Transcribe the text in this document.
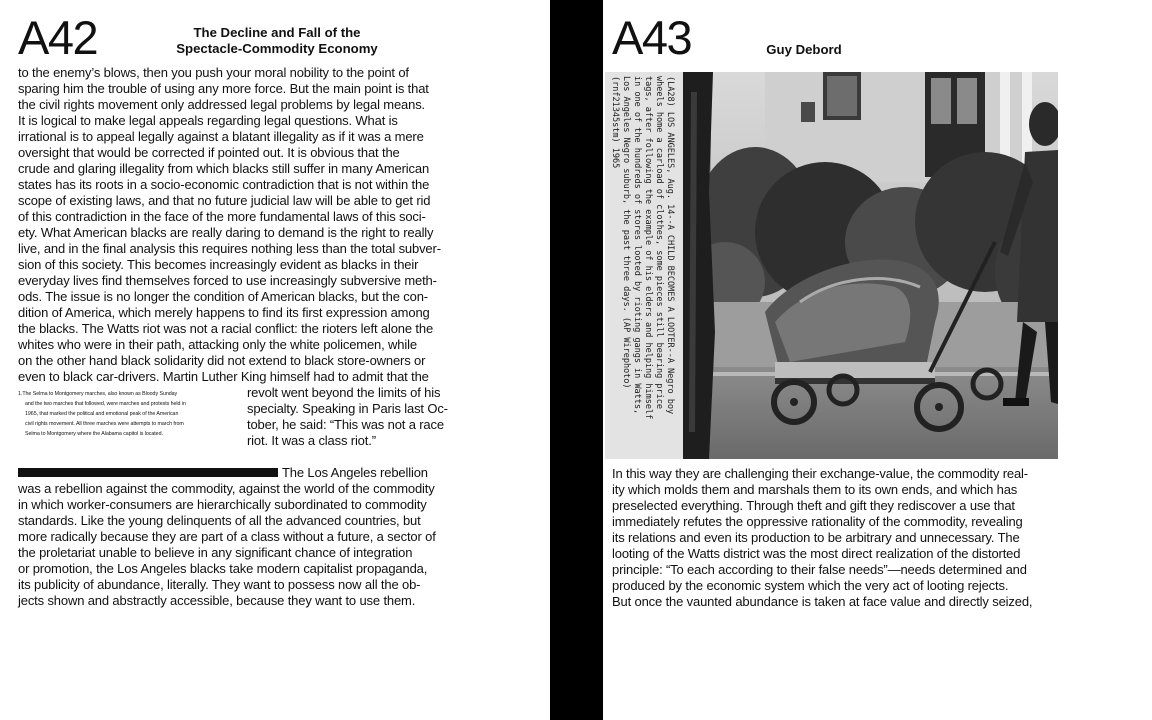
A42	The Decline and Fall of the
Spectacle-Commodity Economy
to the enemy’s blows, then you push your moral nobility to the point of
sparing him the trouble of using any more force. But the main point is that
the civil rights movement only addressed legal problems by legal means.
It is logical to make legal appeals regarding legal questions. What is
irrational is to appeal legally against a blatant illegality as if it was a mere
oversight that would be corrected if pointed out. It is obvious that the
crude and glaring illegality from which blacks still suffer in many American
states has its roots in a socio-economic contradiction that is not within the
scope of existing laws, and that no future judicial law will be able to get rid
of this contradiction in the face of the more fundamental laws of this soci-
ety. What American blacks are really daring to demand is the right to really
live, and in the final analysis this requires nothing less than the total subver-
sion of this society. This becomes increasingly evident as blacks in their
everyday lives find themselves forced to use increasingly subversive meth-
ods. The issue is no longer the condition of American blacks, but the con-
dition of America, which merely happens to find its first expression among
the blacks. The Watts riot was not a racial conflict: the rioters left alone the
whites who were in their path, attacking only the white policemen, while
on the other hand black solidarity did not extend to black store-owners or
even to black car-drivers. Martin Luther King himself had to admit that the
1.The Selma to Montgomery marches, also known as Bloody Sunday
and the two marches that followed, were marches and protests held in
1965, that marked the political and emotional peak of the American
civil rights movement. All three marches were attempts to march from
Selma to Montgomery where the Alabama capitol is located.
revolt went beyond the limits of his
specialty. Speaking in Paris last Oc-
tober, he said: “This was not a race
riot. It was a class riot.”
The Los Angeles rebellion
was a rebellion against the commodity, against the world of the commodity
in which worker-consumers are hierarchically subordinated to commodity
standards. Like the young delinquents of all the advanced countries, but
more radically because they are part of a class without a future, a sector of
the proletariat unable to believe in any significant chance of integration
or promotion, the Los Angeles blacks take modern capitalist propaganda,
its publicity of abundance, literally. They want to possess now all the ob-
jects shown and abstractly accessible, because they want to use them.
A43	Guy Debord
(LA28) LOS ANGELES, Aug. 14--A CHILD BECOMES A LOOTER--A Negro boy
wheels home a carload of clothes, some pieces still bearing price
tags, after following the example of his elders and helping himself
in one of the hundreds of stores looted by rioting gangs in Watts,
Los Angeles Negro suburb, the past three days. (AP Wirephoto)
(rnf21345stm) 1965
In this way they are challenging their exchange-value, the commodity real-
ity which molds them and marshals them to its own ends, and which has
preselected everything. Through theft and gift they rediscover a use that
immediately refutes the oppressive rationality of the commodity, revealing
its relations and even its production to be arbitrary and unnecessary. The
looting of the Watts district was the most direct realization of the distorted
principle: “To each according to their false needs”—needs determined and
produced by the economic system which the very act of looting rejects.
But once the vaunted abundance is taken at face value and directly seized,
